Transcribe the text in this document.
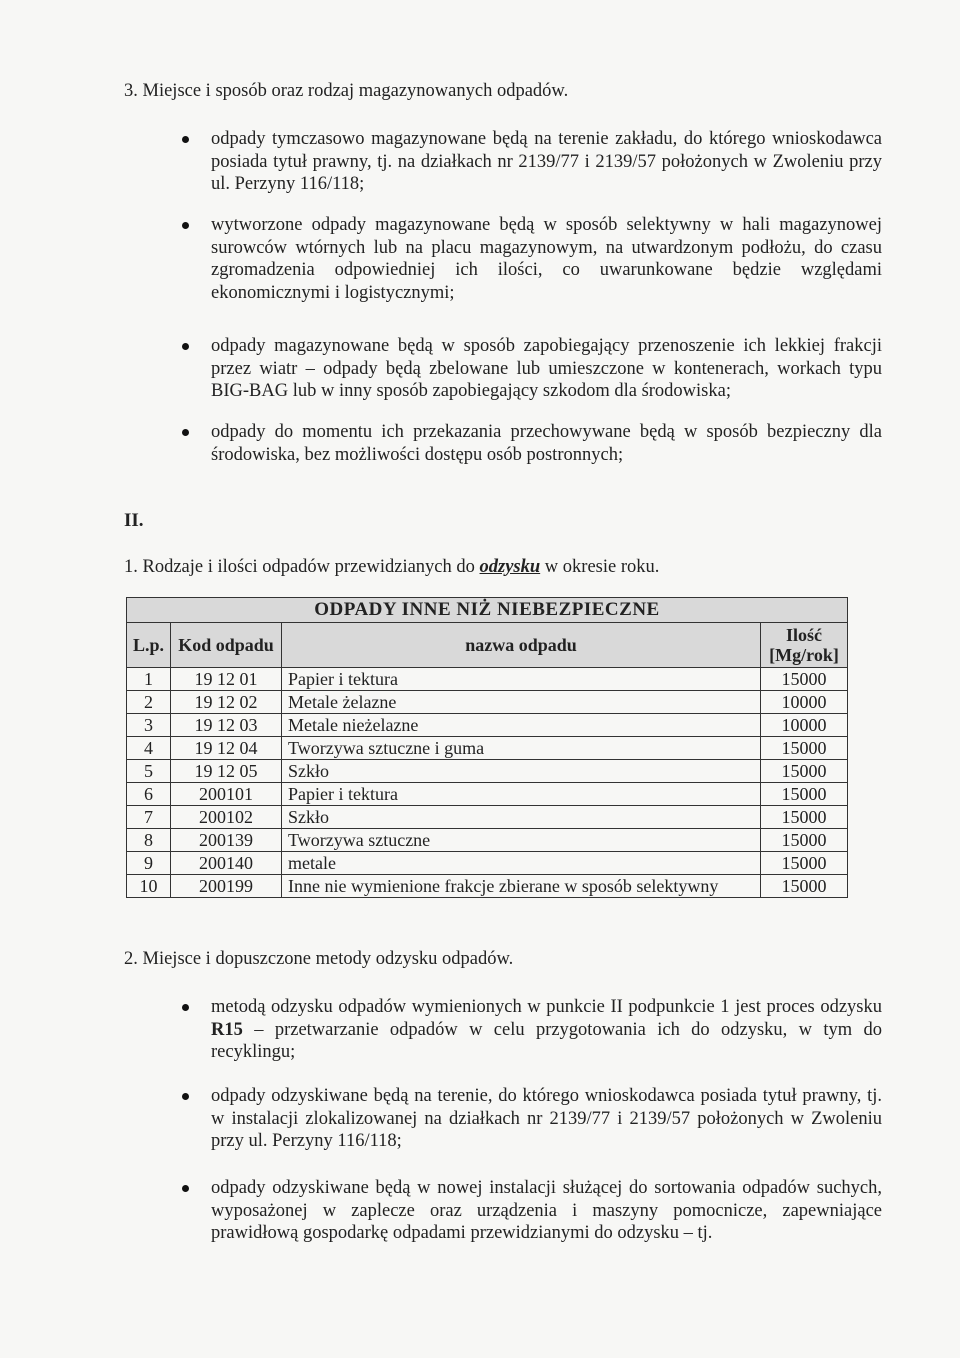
3. Miejsce i sposób oraz rodzaj magazynowanych odpadów.
odpady tymczasowo magazynowane będą na terenie zakładu, do którego wnioskodawca posiada tytuł prawny, tj. na działkach nr 2139/77 i 2139/57 położonych w Zwoleniu przy ul. Perzyny 116/118;
wytworzone odpady magazynowane będą w sposób selektywny w hali magazynowej surowców wtórnych lub na placu magazynowym, na utwardzonym podłożu, do czasu zgromadzenia odpowiedniej ich ilości, co uwarunkowane będzie względami ekonomicznymi i logistycznymi;
odpady magazynowane będą w sposób zapobiegający przenoszenie ich lekkiej frakcji przez wiatr – odpady będą zbelowane lub umieszczone w kontenerach, workach typu BIG-BAG lub w inny sposób zapobiegający szkodom dla środowiska;
odpady do momentu ich przekazania przechowywane będą w sposób bezpieczny dla środowiska, bez możliwości dostępu osób postronnych;
II.
1. Rodzaje i ilości odpadów przewidzianych do odzysku w okresie roku.
ODPADY INNE NIŻ NIEBEZPIECZNE			
L.p.	Kod odpadu	nazwa odpadu	Ilość
[Mg/rok]
1	19 12 01	Papier i tektura	15000
2	19 12 02	Metale żelazne	10000
3	19 12 03	Metale nieżelazne	10000
4	19 12 04	Tworzywa sztuczne i guma	15000
5	19 12 05	Szkło	15000
6	200101	Papier i tektura	15000
7	200102	Szkło	15000
8	200139	Tworzywa sztuczne	15000
9	200140	metale	15000
10	200199	Inne nie wymienione frakcje zbierane w sposób selektywny	15000
2. Miejsce i dopuszczone metody odzysku odpadów.
metodą odzysku odpadów wymienionych w punkcie II podpunkcie 1 jest proces odzysku R15 – przetwarzanie odpadów w celu przygotowania ich do odzysku, w tym do recyklingu;
odpady odzyskiwane będą na terenie, do którego wnioskodawca posiada tytuł prawny, tj. w instalacji zlokalizowanej na działkach nr 2139/77 i 2139/57 położonych w Zwoleniu przy ul. Perzyny 116/118;
odpady odzyskiwane będą w nowej instalacji służącej do sortowania odpadów suchych, wyposażonej w zaplecze oraz urządzenia i maszyny pomocnicze, zapewniające prawidłową gospodarkę odpadami przewidzianymi do odzysku – tj.
